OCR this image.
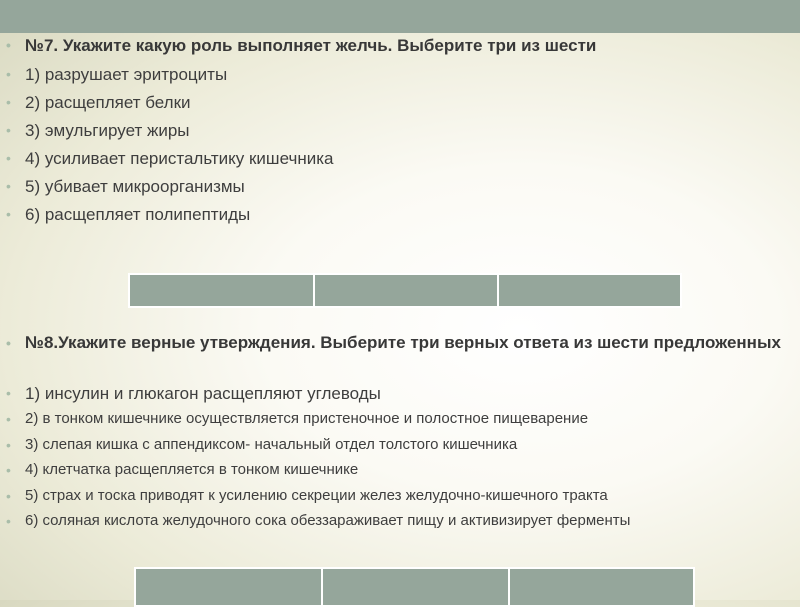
• №7. Укажите какую роль выполняет желчь. Выберите три из шести
• 1) разрушает эритроциты
• 2) расщепляет белки
• 3) эмульгирует жиры
• 4) усиливает перистальтику кишечника
• 5) убивает микроорганизмы
• 6) расщепляет полипептиды
• №8.Укажите верные утверждения. Выберите три верных ответа из шести предложенных
• 1) инсулин и глюкагон расщепляют углеводы
• 2) в тонком кишечнике осуществляется пристеночное и полостное пищеварение
• 3) слепая кишка с аппендиксом- начальный отдел толстого кишечника
• 4) клетчатка расщепляется в тонком кишечнике
• 5) страх и тоска приводят к усилению секреции желез желудочно-кишечного тракта
• 6) соляная кислота желудочного сока обеззараживает пищу и активизирует ферменты
